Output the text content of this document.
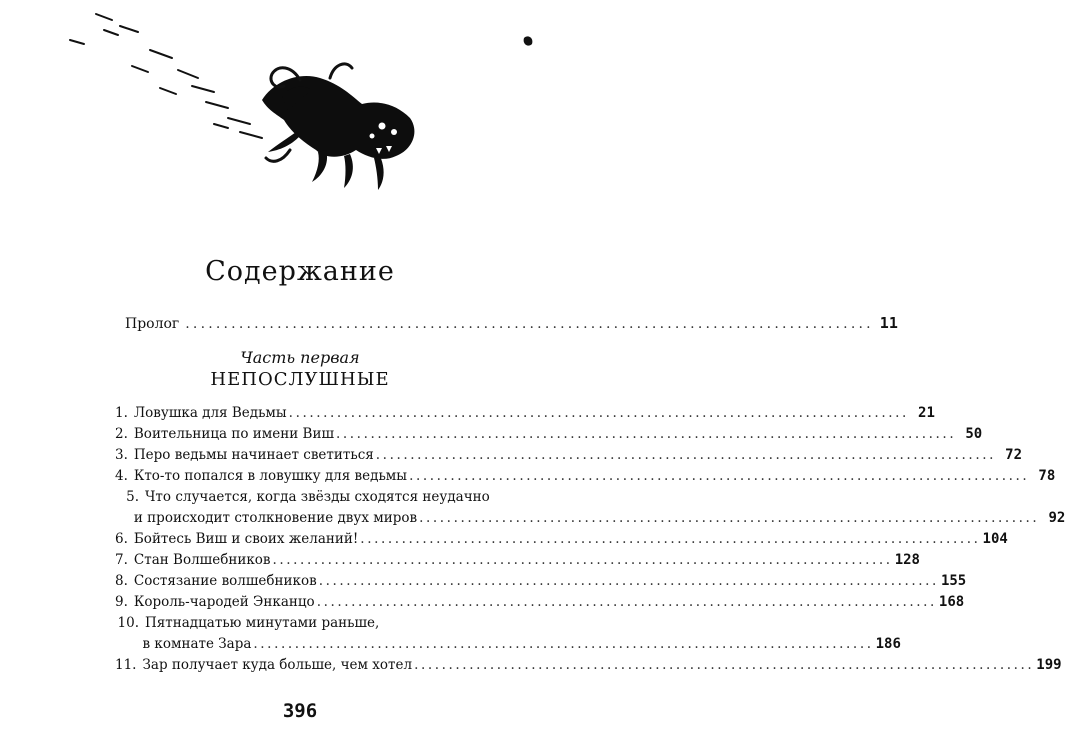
Содержание
Пролог .......................................................................................... 11
Часть первая
НЕПОСЛУШНЫЕ
1. Ловушка для Ведьмы .......................................................................................... 21
2. Воительница по имени Виш .......................................................................................... 50
3. Перо ведьмы начинает светиться .......................................................................................... 72
4. Кто-то попался в ловушку для ведьмы .......................................................................................... 78
5. Что случается, когда звёзды сходятся неудачно
и происходит столкновение двух миров .......................................................................................... 92
6. Бойтесь Виш и своих желаний! .......................................................................................... 104
7. Стан Волшебников .......................................................................................... 128
8. Состязание волшебников .......................................................................................... 155
9. Король-чародей Энканцо .......................................................................................... 168
10. Пятнадцатью минутами раньше,
в комнате Зара .......................................................................................... 186
11. Зар получает куда больше, чем хотел .......................................................................................... 199
396
